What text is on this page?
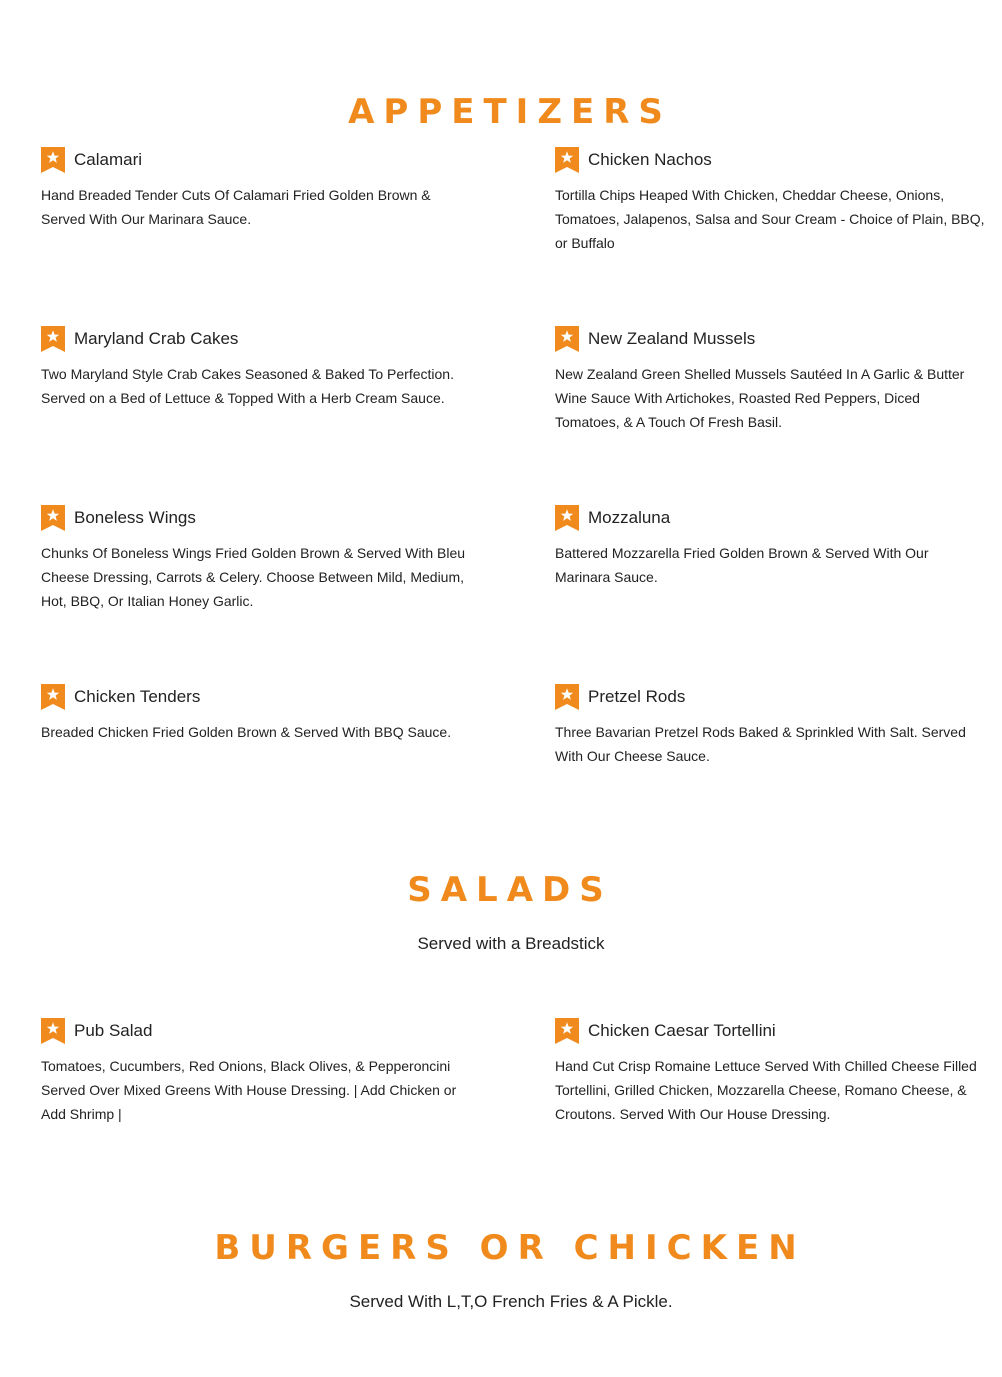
APPETIZERS
Calamari
Hand Breaded Tender Cuts Of Calamari Fried Golden Brown & Served With Our Marinara Sauce.
Chicken Nachos
Tortilla Chips Heaped With Chicken, Cheddar Cheese, Onions, Tomatoes, Jalapenos, Salsa and Sour Cream - Choice of Plain, BBQ, or Buffalo
Maryland Crab Cakes
Two Maryland Style Crab Cakes Seasoned & Baked To Perfection. Served on a Bed of Lettuce & Topped With a Herb Cream Sauce.
New Zealand Mussels
New Zealand Green Shelled Mussels Sautéed In A Garlic & Butter Wine Sauce With Artichokes, Roasted Red Peppers, Diced Tomatoes, & A Touch Of Fresh Basil.
Boneless Wings
Chunks Of Boneless Wings Fried Golden Brown & Served With Bleu Cheese Dressing, Carrots & Celery. Choose Between Mild, Medium, Hot, BBQ, Or Italian Honey Garlic.
Mozzaluna
Battered Mozzarella Fried Golden Brown & Served With Our Marinara Sauce.
Chicken Tenders
Breaded Chicken Fried Golden Brown & Served With BBQ Sauce.
Pretzel Rods
Three Bavarian Pretzel Rods Baked & Sprinkled With Salt. Served With Our Cheese Sauce.
SALADS

Served with a Breadstick

Pub Salad
Tomatoes, Cucumbers, Red Onions, Black Olives, & Pepperoncini Served Over Mixed Greens With House Dressing. | Add Chicken or Add Shrimp |
Chicken Caesar Tortellini
Hand Cut Crisp Romaine Lettuce Served With Chilled Cheese Filled Tortellini, Grilled Chicken, Mozzarella Cheese, Romano Cheese, & Croutons. Served With Our House Dressing.
BURGERS OR CHICKEN

Served With L,T,O French Fries & A Pickle.
